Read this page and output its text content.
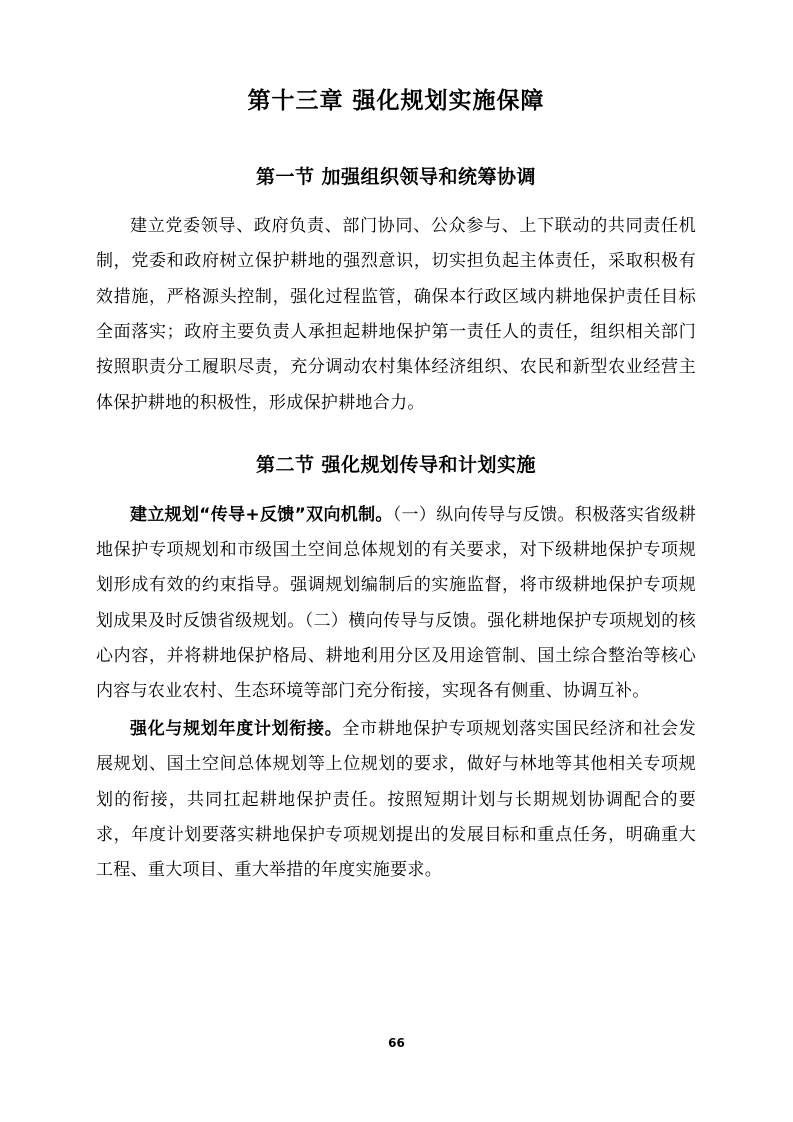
第十三章 强化规划实施保障
第一节 加强组织领导和统筹协调

建立党委领导、政府负责、部门协同、公众参与、上下联动的共同责任机制，党委和政府树立保护耕地的强烈意识，切实担负起主体责任，采取积极有效措施，严格源头控制，强化过程监管，确保本行政区域内耕地保护责任目标全面落实；政府主要负责人承担起耕地保护第一责任人的责任，组织相关部门按照职责分工履职尽责，充分调动农村集体经济组织、农民和新型农业经营主体保护耕地的积极性，形成保护耕地合力。

第二节 强化规划传导和计划实施

建立规划“传导+反馈”双向机制。（一）纵向传导与反馈。积极落实省级耕地保护专项规划和市级国土空间总体规划的有关要求，对下级耕地保护专项规划形成有效的约束指导。强调规划编制后的实施监督，将市级耕地保护专项规划成果及时反馈省级规划。（二）横向传导与反馈。强化耕地保护专项规划的核心内容，并将耕地保护格局、耕地利用分区及用途管制、国土综合整治等核心内容与农业农村、生态环境等部门充分衔接，实现各有侧重、协调互补。

强化与规划年度计划衔接。全市耕地保护专项规划落实国民经济和社会发展规划、国土空间总体规划等上位规划的要求，做好与林地等其他相关专项规划的衔接，共同扛起耕地保护责任。按照短期计划与长期规划协调配合的要求，年度计划要落实耕地保护专项规划提出的发展目标和重点任务，明确重大工程、重大项目、重大举措的年度实施要求。

66
